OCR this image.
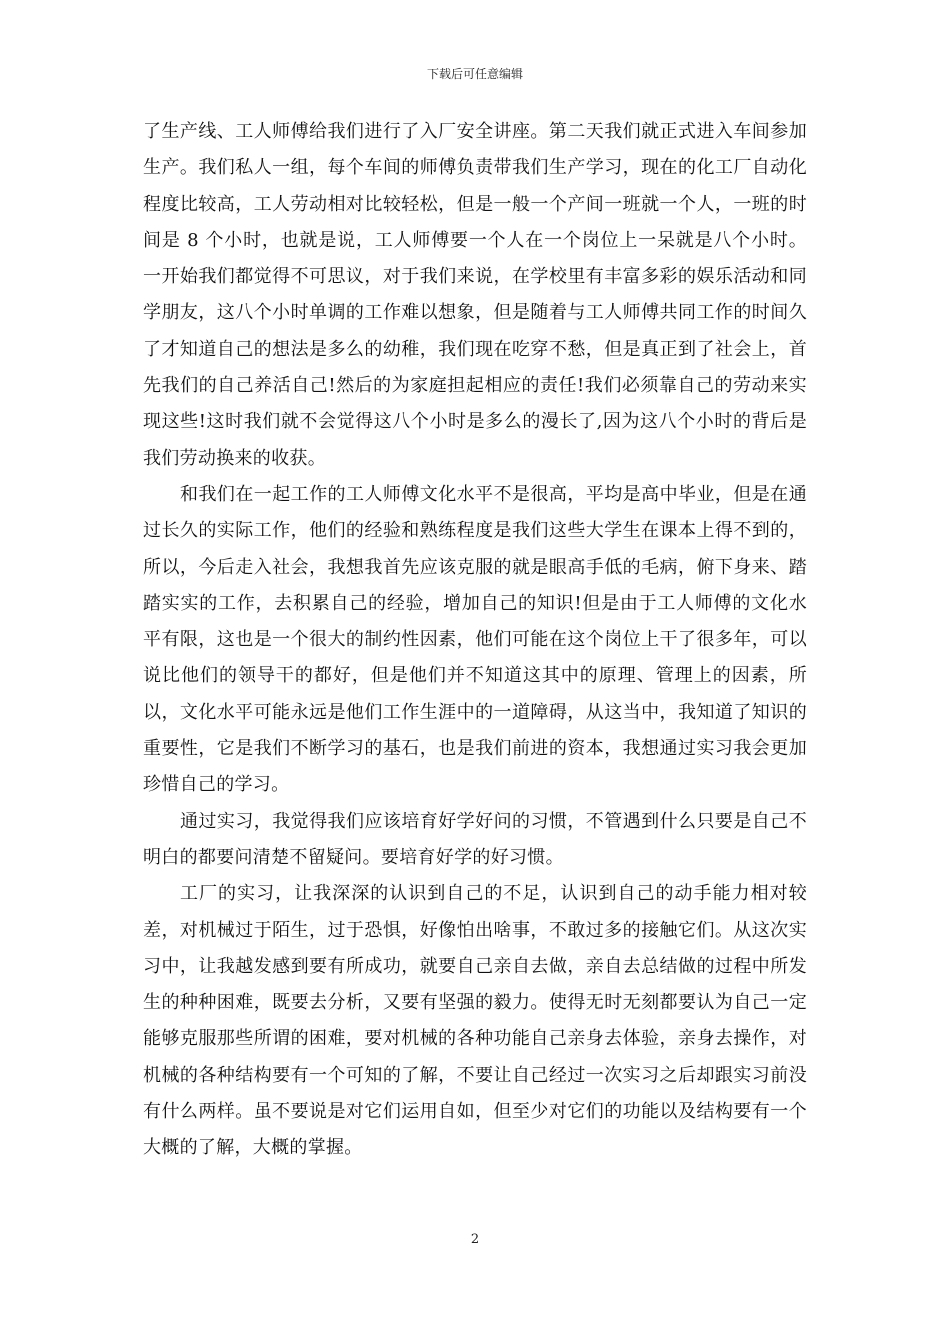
下载后可任意编辑

了生产线、工人师傅给我们进行了入厂安全讲座。第二天我们就正式进入车间参加生产。我们私人一组，每个车间的师傅负责带我们生产学习，现在的化工厂自动化程度比较高，工人劳动相对比较轻松，但是一般一个产间一班就一个人，一班的时间是 8 个小时，也就是说，工人师傅要一个人在一个岗位上一呆就是八个小时。一开始我们都觉得不可思议，对于我们来说，在学校里有丰富多彩的娱乐活动和同学朋友，这八个小时单调的工作难以想象，但是随着与工人师傅共同工作的时间久了才知道自己的想法是多么的幼稚，我们现在吃穿不愁，但是真正到了社会上，首先我们的自己养活自己!然后的为家庭担起相应的责任!我们必须靠自己的劳动来实现这些!这时我们就不会觉得这八个小时是多么的漫长了,因为这八个小时的背后是我们劳动换来的收获。

和我们在一起工作的工人师傅文化水平不是很高，平均是高中毕业，但是在通过长久的实际工作，他们的经验和熟练程度是我们这些大学生在课本上得不到的，所以，今后走入社会，我想我首先应该克服的就是眼高手低的毛病，俯下身来、踏踏实实的工作，去积累自己的经验，增加自己的知识!但是由于工人师傅的文化水平有限，这也是一个很大的制约性因素，他们可能在这个岗位上干了很多年，可以说比他们的领导干的都好，但是他们并不知道这其中的原理、管理上的因素，所以，文化水平可能永远是他们工作生涯中的一道障碍，从这当中，我知道了知识的重要性，它是我们不断学习的基石，也是我们前进的资本，我想通过实习我会更加珍惜自己的学习。

通过实习，我觉得我们应该培育好学好问的习惯，不管遇到什么只要是自己不明白的都要问清楚不留疑问。要培育好学的好习惯。

工厂的实习，让我深深的认识到自己的不足，认识到自己的动手能力相对较差，对机械过于陌生，过于恐惧，好像怕出啥事，不敢过多的接触它们。从这次实习中，让我越发感到要有所成功，就要自己亲自去做，亲自去总结做的过程中所发生的种种困难，既要去分析，又要有坚强的毅力。使得无时无刻都要认为自己一定能够克服那些所谓的困难，要对机械的各种功能自己亲身去体验，亲身去操作，对机械的各种结构要有一个可知的了解，不要让自己经过一次实习之后却跟实习前没有什么两样。虽不要说是对它们运用自如，但至少对它们的功能以及结构要有一个大概的了解，大概的掌握。

2
